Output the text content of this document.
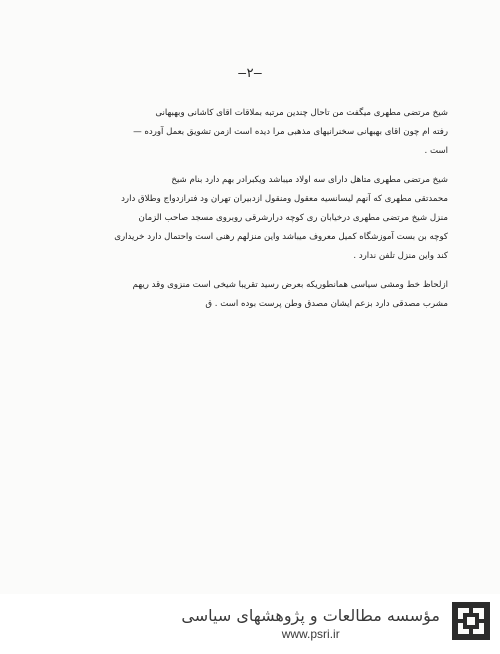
—٢—
شیخ مرتضی مطهری میگفت من تاحال چندین مرتبه بملاقات اقای کاشانی وبهبهانی
رفته ام چون اقای بهبهانی سخنرانیهای مذهبی مرا دیده است ازمن تشویق بعمل آورده —
است .
شیخ مرتضی مطهری متاهل دارای سه اولاد میباشد ویکبرادر بهم دارد بنام شیخ
محمدتقی مطهری که آنهم لیسانسیه معقول ومنقول ازدبیران تهران ود فترازدواج وطلاق دارد
منزل شیخ مرتضی مطهری درخیابان ری کوچه درارشرقی روبروی مسجد صاحب الزمان
کوچه بن بست آموزشگاه کمیل معروف میباشد واین منزلهم رهنی است واحتمال دارد خریداری
کند واین منزل تلفن ندارد .
ازلحاظ خط ومشی سیاسی همانطوریکه بعرض رسید تقریبا شیخی است منزوی وقد ریهم
مشرب مصدقی دارد بزعم ایشان مصدق وطن پرست بوده است . ق
مؤسسه مطالعات و پژوهشهای سیاسی
www.psri.ir
